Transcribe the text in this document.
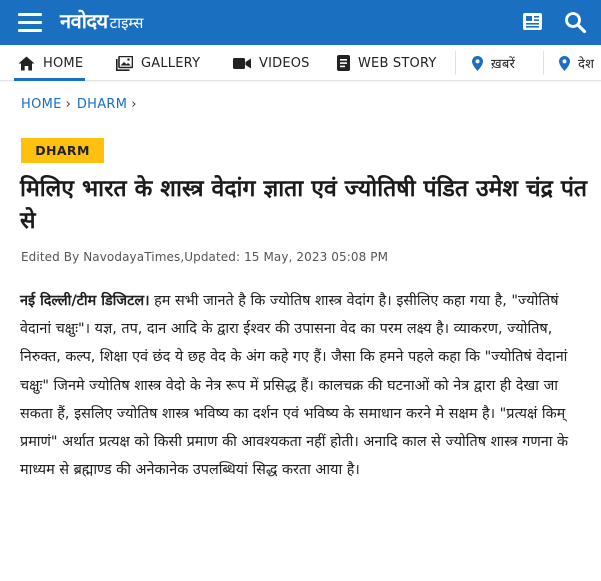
नवोदय टाइम्स
HOME	GALLERY	VIDEOS	WEB STORY	ख़बरें	देश
HOME › DHARM ›
DHARM
मिलिए भारत के शास्त्र वेदांग ज्ञाता एवं ज्योतिषी पंडित उमेश चंद्र पंत से
Edited By NavodayaTimes,Updated: 15 May, 2023 05:08 PM
नई दिल्ली/टीम डिजिटल। हम सभी जानते है कि ज्योतिष शास्त्र वेदांग है। इसीलिए कहा गया है, "ज्योतिषं वेदानां चक्षुः"। यज्ञ, तप, दान आदि के द्वारा ईश्वर की उपासना वेद का परम लक्ष्य है। व्याकरण, ज्योतिष, निरुक्त, कल्प, शिक्षा एवं छंद ये छह वेद के अंग कहे गए हैं। जैसा कि हमने पहले कहा कि "ज्योतिषं वेदानां चक्षुः" जिनमे ज्योतिष शास्त्र वेदो के नेत्र रूप में प्रसिद्ध हैं। कालचक्र की घटनाओं को नेत्र द्वारा ही देखा जा सकता हैं, इसलिए ज्योतिष शास्त्र भविष्य का दर्शन एवं भविष्य के समाधान करने मे सक्षम है। "प्रत्यक्षं किम् प्रमाणं" अर्थात प्रत्यक्ष को किसी प्रमाण की आवश्यकता नहीं होती। अनादि काल से ज्योतिष शास्त्र गणना के माध्यम से ब्रह्माण्ड की अनेकानेक उपलब्धियां सिद्ध करता आया है।
